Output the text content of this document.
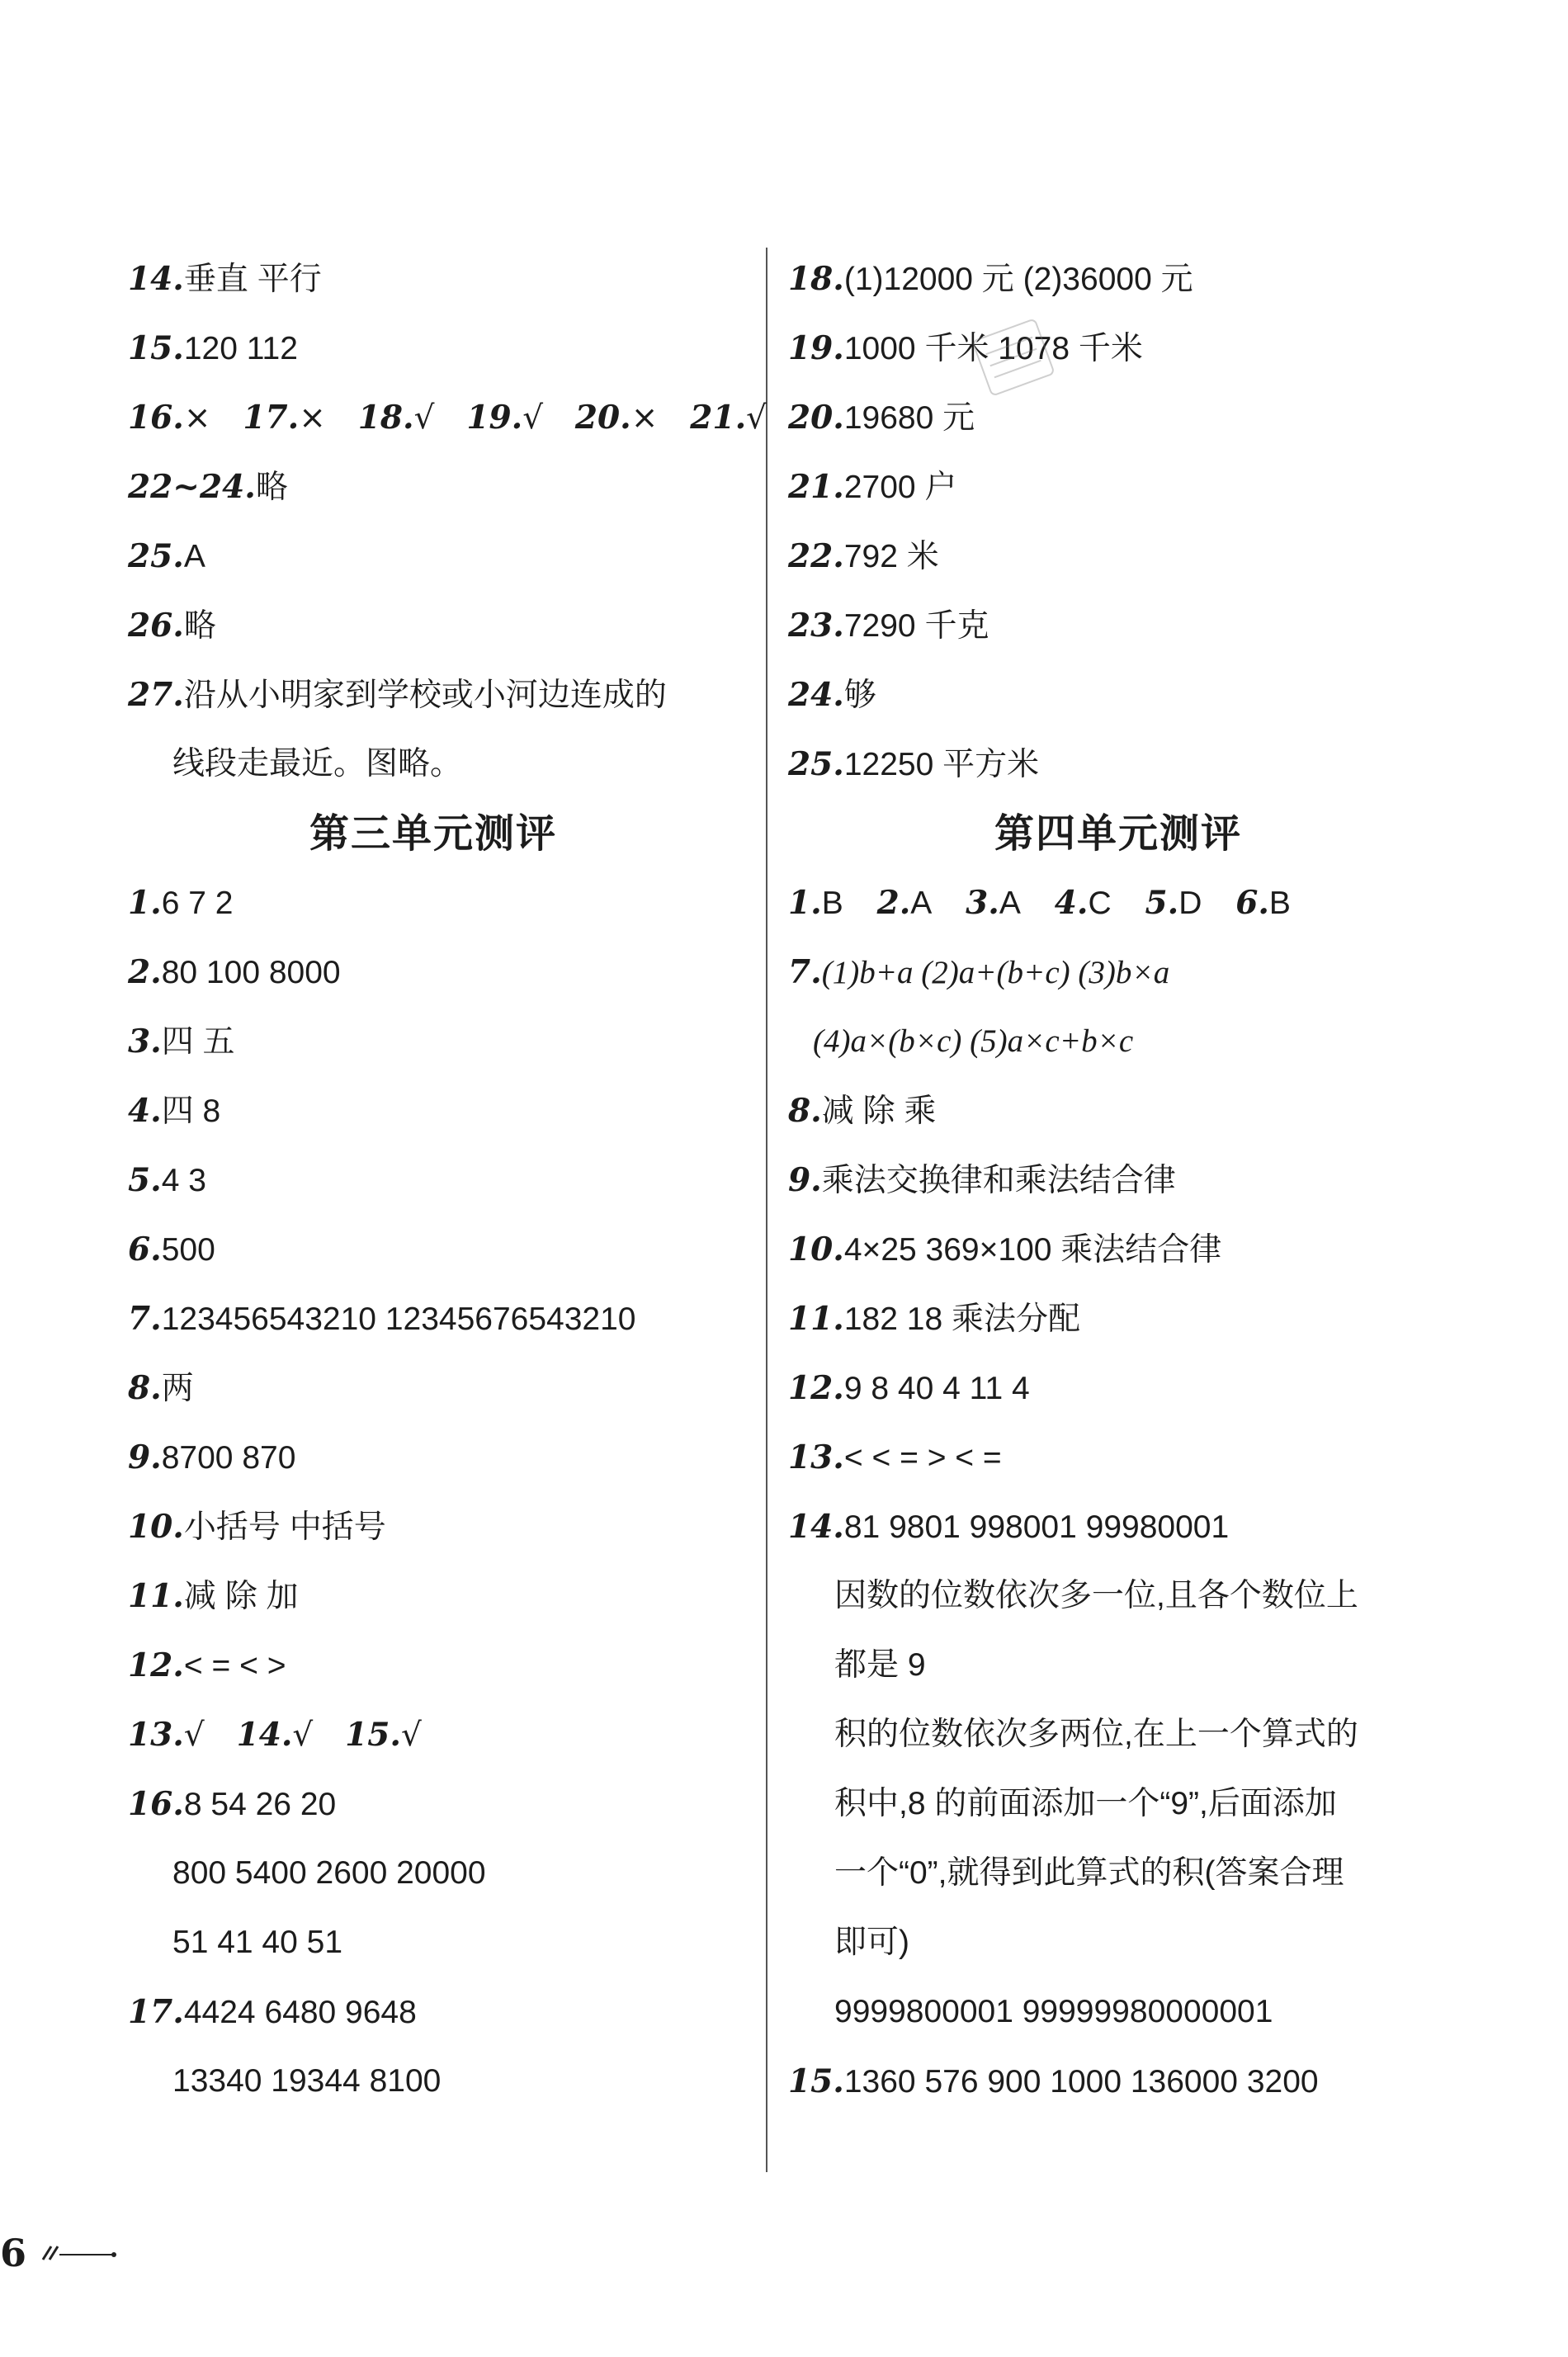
14.垂直 平行
15.120 112
16.× 17.× 18.√ 19.√ 20.× 21.√
22~24.略
25.A
26.略
27.沿从小明家到学校或小河边连成的
线段走最近。图略。
第三单元测评
1.6 7 2
2.80 100 8000
3.四 五
4.四 8
5.4 3
6.500
7.123456543210 12345676543210
8.两
9.8700 870
10.小括号 中括号
11.减 除 加
12.< = < >
13.√ 14.√ 15.√
16.8 54 26 20
800 5400 2600 20000
51 41 40 51
17.4424 6480 9648
13340 19344 8100
18.(1)12000 元 (2)36000 元
19.1000 千米 1078 千米
20.19680 元
21.2700 户
22.792 米
23.7290 千克
24.够
25.12250 平方米
第四单元测评
1.B 2.A 3.A 4.C 5.D 6.B
7.(1)b+a (2)a+(b+c) (3)b×a
(4)a×(b×c) (5)a×c+b×c
8.减 除 乘
9.乘法交换律和乘法结合律
10.4×25 369×100 乘法结合律
11.182 18 乘法分配
12.9 8 40 4 11 4
13.< < = > < =
14.81 9801 998001 99980001
因数的位数依次多一位,且各个数位上
都是 9
积的位数依次多两位,在上一个算式的
积中,8 的前面添加一个“9”,后面添加
一个“0”,就得到此算式的积(答案合理
即可)
9999800001 99999980000001
15.1360 576 900 1000 136000 3200
6
